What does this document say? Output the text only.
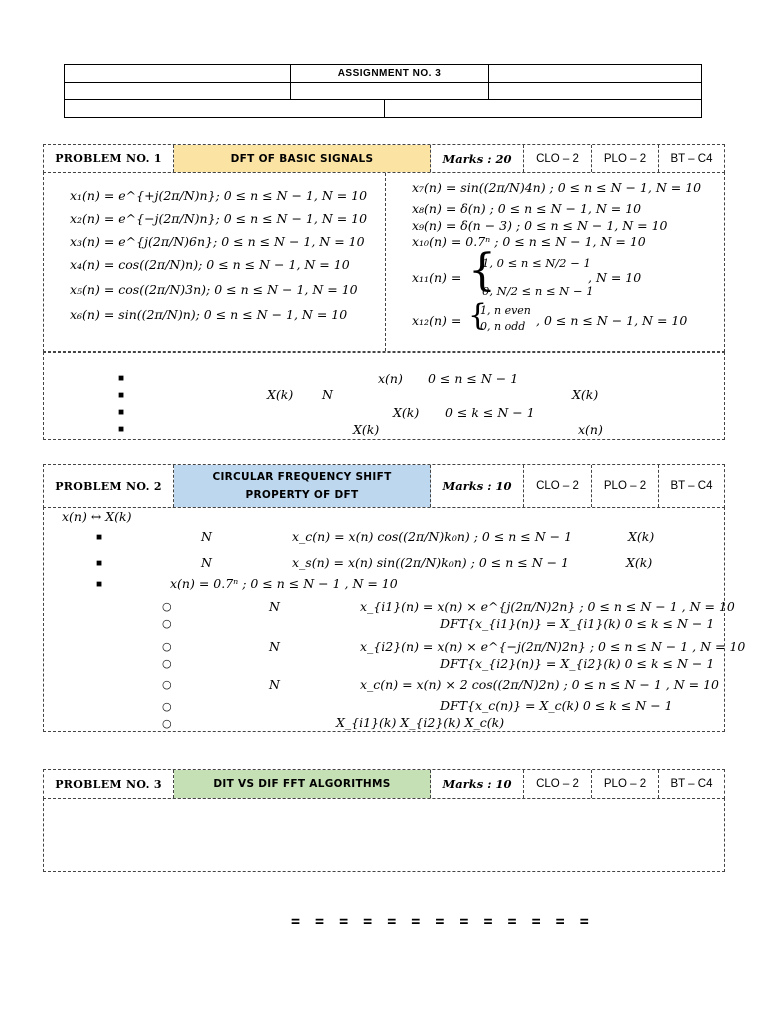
ASSIGNMENT NO. 3
PROBLEM NO. 1	DFT OF BASIC SIGNALS	Marks : 20 CLO – 2 PLO – 2 BT – C4
x₁(n) = e^{+j(2π/N)n}; 0 ≤ n ≤ N − 1, N = 10
x₂(n) = e^{−j(2π/N)n}; 0 ≤ n ≤ N − 1, N = 10
x₃(n) = e^{j(2π/N)6n}; 0 ≤ n ≤ N − 1, N = 10
x₄(n) = cos((2π/N)n); 0 ≤ n ≤ N − 1, N = 10
x₅(n) = cos((2π/N)3n); 0 ≤ n ≤ N − 1, N = 10
x₆(n) = sin((2π/N)n); 0 ≤ n ≤ N − 1, N = 10
x₇(n) = sin((2π/N)4n) ; 0 ≤ n ≤ N − 1, N = 10
x₈(n) = δ(n) ; 0 ≤ n ≤ N − 1, N = 10
x₉(n) = δ(n − 3) ; 0 ≤ n ≤ N − 1, N = 10
x₁₀(n) = 0.7ⁿ ; 0 ≤ n ≤ N − 1, N = 10
x₁₁(n) = {
1, 0 ≤ n ≤ N/2 − 1
0, N/2 ≤ n ≤ N − 1
, N = 10
x₁₂(n) = {
1, n even
0, n odd , 0 ≤ n ≤ N − 1, N = 10
■
■
■
■
x(n) 0 ≤ n ≤ N − 1
X(k) N	X(k)
X(k) 0 ≤ k ≤ N − 1
X(k)	x(n)
PROBLEM NO. 2
CIRCULAR FREQUENCY SHIFT
PROPERTY OF DFT
Marks : 10 CLO – 2 PLO – 2 BT – C4
x(n) ↔ X(k)
■
■
■
N	x_c(n) = x(n) cos((2π/N)k₀n) ; 0 ≤ n ≤ N − 1	X(k)
N	x_s(n) = x(n) sin((2π/N)k₀n) ; 0 ≤ n ≤ N − 1	X(k)
x(n) = 0.7ⁿ ; 0 ≤ n ≤ N − 1 , N = 10
○
○
○
○
○
○
○
N	x_{i1}(n) = x(n) × e^{j(2π/N)2n} ; 0 ≤ n ≤ N − 1 , N = 10
DFT{x_{i1}(n)} = X_{i1}(k) 0 ≤ k ≤ N − 1
N	x_{i2}(n) = x(n) × e^{−j(2π/N)2n} ; 0 ≤ n ≤ N − 1 , N = 10
DFT{x_{i2}(n)} = X_{i2}(k) 0 ≤ k ≤ N − 1
N	x_c(n) = x(n) × 2 cos((2π/N)2n) ; 0 ≤ n ≤ N − 1 , N = 10
DFT{x_c(n)} = X_c(k) 0 ≤ k ≤ N − 1
X_{i1}(k) X_{i2}(k) X_c(k)
PROBLEM NO. 3	DIT VS DIF FFT ALGORITHMS	Marks : 10 CLO – 2 PLO – 2 BT – C4
= = = = = = = = = = = = =
